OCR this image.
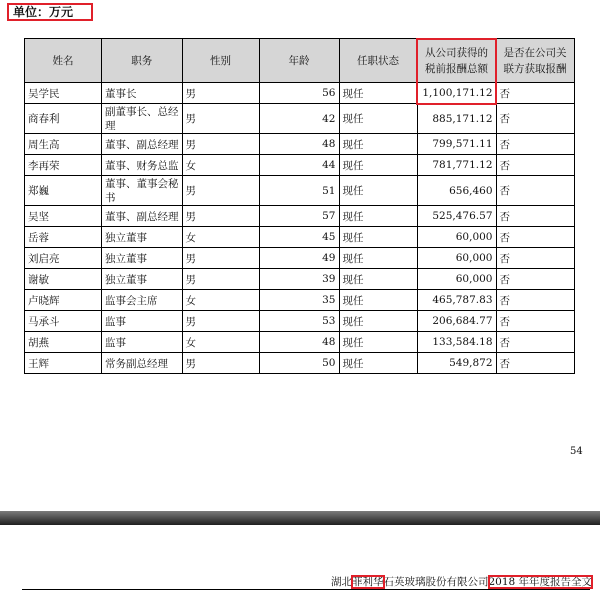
单位：万元
姓名	职务	性别	年龄	任职状态	从公司获得的税前报酬总额	是否在公司关联方获取报酬
吴学民	董事长	男	56	现任	1,100,171.12	否
商春利	副董事长、总经理	男	42	现任	885,171.12	否
周生高	董事、副总经理	男	48	现任	799,571.11	否
李再荣	董事、财务总监	女	44	现任	781,771.12	否
郑巍	董事、董事会秘书	男	51	现任	656,460	否
吴坚	董事、副总经理	男	57	现任	525,476.57	否
岳蓉	独立董事	女	45	现任	60,000	否
刘启亮	独立董事	男	49	现任	60,000	否
谢敏	独立董事	男	39	现任	60,000	否
卢晓辉	监事会主席	女	35	现任	465,787.83	否
马承斗	监事	男	53	现任	206,684.77	否
胡燕	监事	女	48	现任	133,584.18	否
王辉	常务副总经理	男	50	现任	549,872	否
54
湖北菲利华石英玻璃股份有限公司2018 年年度报告全文
